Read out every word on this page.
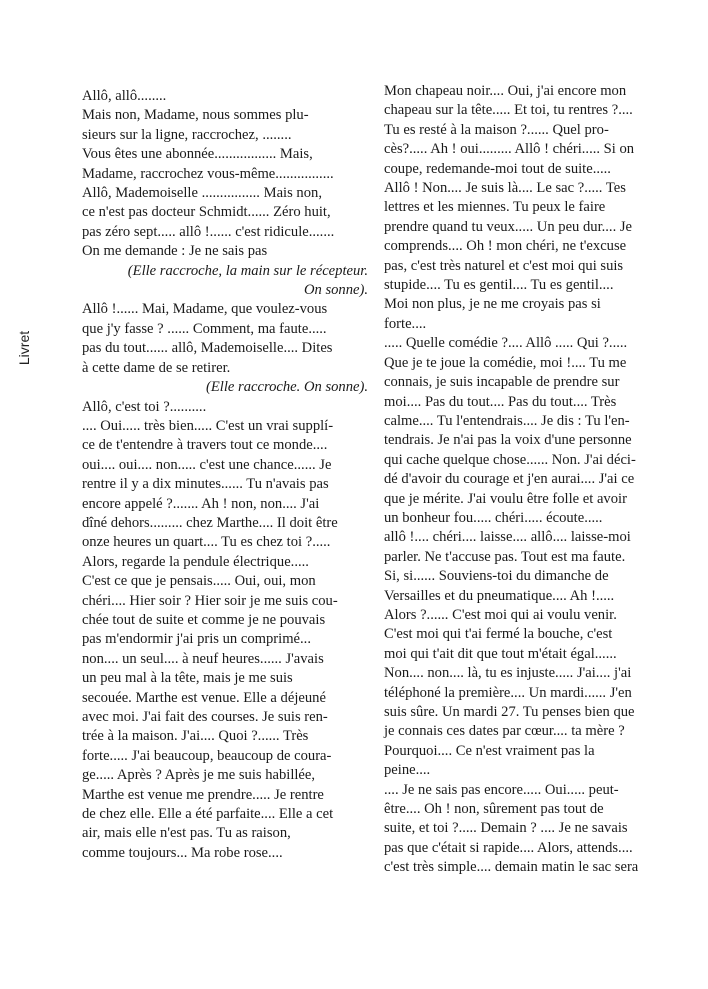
Livret

Allô, allô........
Mais non, Madame, nous sommes plu-
sieurs sur la ligne, raccrochez, ........
Vous êtes une abonnée................. Mais,
Madame, raccrochez vous-même................
Allô, Mademoiselle ................ Mais non,
ce n'est pas docteur Schmidt...... Zéro huit,
pas zéro sept..... allô !...... c'est ridicule.......
On me demande : Je ne sais pas

(Elle raccroche, la main sur le récepteur.
On sonne).

Allô !...... Mai, Madame, que voulez-vous
que j'y fasse ? ...... Comment, ma faute.....
pas du tout...... allô, Mademoiselle.... Dites
à cette dame de se retirer.

(Elle raccroche. On sonne).

Allô, c'est toi ?..........
.... Oui..... très bien..... C'est un vrai supplí-
ce de t'entendre à travers tout ce monde....
oui.... oui.... non..... c'est une chance...... Je
rentre il y a dix minutes...... Tu n'avais pas
encore appelé ?....... Ah ! non, non.... J'ai
dîné dehors......... chez Marthe.... Il doit être
onze heures un quart.... Tu es chez toi ?.....
Alors, regarde la pendule électrique.....
C'est ce que je pensais..... Oui, oui, mon
chéri.... Hier soir ? Hier soir je me suis cou-
chée tout de suite et comme je ne pouvais
pas m'endormir j'ai pris un comprimé...
non.... un seul.... à neuf heures...... J'avais
un peu mal à la tête, mais je me suis
secouée. Marthe est venue. Elle a déjeuné
avec moi. J'ai fait des courses. Je suis ren-
trée à la maison. J'ai.... Quoi ?...... Très
forte..... J'ai beaucoup, beaucoup de coura-
ge..... Après ? Après je me suis habillée,
Marthe est venue me prendre..... Je rentre
de chez elle. Elle a été parfaite.... Elle a cet
air, mais elle n'est pas. Tu as raison,
comme toujours... Ma robe rose....

Mon chapeau noir.... Oui, j'ai encore mon
chapeau sur la tête..... Et toi, tu rentres ?....
Tu es resté à la maison ?...... Quel pro-
cès?..... Ah ! oui......... Allô ! chéri..... Si on
coupe, redemande-moi tout de suite.....
Allô ! Non.... Je suis là.... Le sac ?..... Tes
lettres et les miennes. Tu peux le faire
prendre quand tu veux..... Un peu dur.... Je
comprends.... Oh ! mon chéri, ne t'excuse
pas, c'est très naturel et c'est moi qui suis
stupide.... Tu es gentil.... Tu es gentil....
Moi non plus, je ne me croyais pas si
forte....

..... Quelle comédie ?.... Allô ..... Qui ?.....
Que je te joue la comédie, moi !.... Tu me
connais, je suis incapable de prendre sur
moi.... Pas du tout.... Pas du tout.... Très
calme.... Tu l'entendrais.... Je dis : Tu l'en-
tendrais. Je n'ai pas la voix d'une personne
qui cache quelque chose...... Non. J'ai déci-
dé d'avoir du courage et j'en aurai.... J'ai ce
que je mérite. J'ai voulu être folle et avoir
un bonheur fou..... chéri..... écoute.....
allô !.... chéri.... laisse.... allô.... laisse-moi
parler. Ne t'accuse pas. Tout est ma faute.
Si, si...... Souviens-toi du dimanche de
Versailles et du pneumatique.... Ah !.....
Alors ?...... C'est moi qui ai voulu venir.
C'est moi qui t'ai fermé la bouche, c'est
moi qui t'ait dit que tout m'était égal......
Non.... non.... là, tu es injuste..... J'ai.... j'ai
téléphoné la première.... Un mardi...... J'en
suis sûre. Un mardi 27. Tu penses bien que
je connais ces dates par cœur.... ta mère ?
Pourquoi.... Ce n'est vraiment pas la
peine....

.... Je ne sais pas encore..... Oui..... peut-
être.... Oh ! non, sûrement pas tout de
suite, et toi ?..... Demain ? .... Je ne savais
pas que c'était si rapide.... Alors, attends....
c'est très simple.... demain matin le sac sera
